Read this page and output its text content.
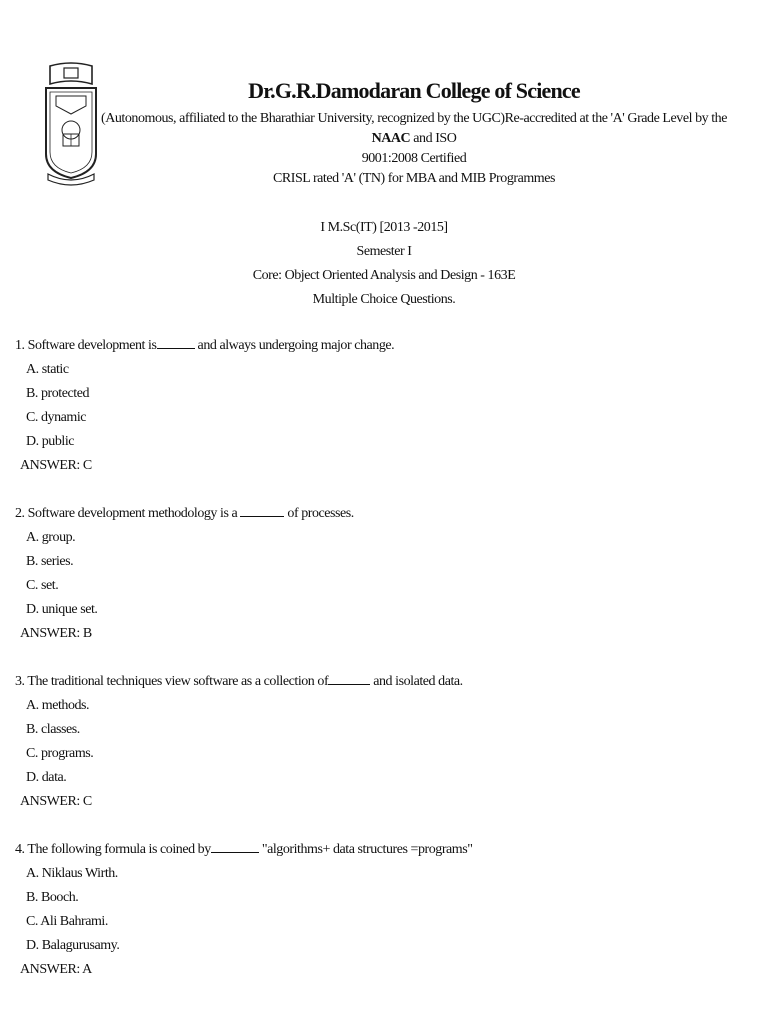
Dr.G.R.Damodaran College of Science
(Autonomous, affiliated to the Bharathiar University, recognized by the UGC)Re-accredited at the 'A' Grade Level by the NAAC and ISO
9001:2008 Certified
CRISL rated 'A' (TN) for MBA and MIB Programmes
I M.Sc(IT) [2013 -2015]
Semester I
Core: Object Oriented Analysis and Design - 163E
Multiple Choice Questions.
1. Software development is	and always undergoing major change.
A. static
B. protected
C. dynamic
D. public
ANSWER: C
2. Software development methodology is a	of processes.
A. group.
B. series.
C. set.
D. unique set.
ANSWER: B
3. The traditional techniques view software as a collection of	and isolated data.
A. methods.
B. classes.
C. programs.
D. data.
ANSWER: C
4. The following formula is coined by	"algorithms+ data structures =programs"
A. Niklaus Wirth.
B. Booch.
C. Ali Bahrami.
D. Balagurusamy.
ANSWER: A
